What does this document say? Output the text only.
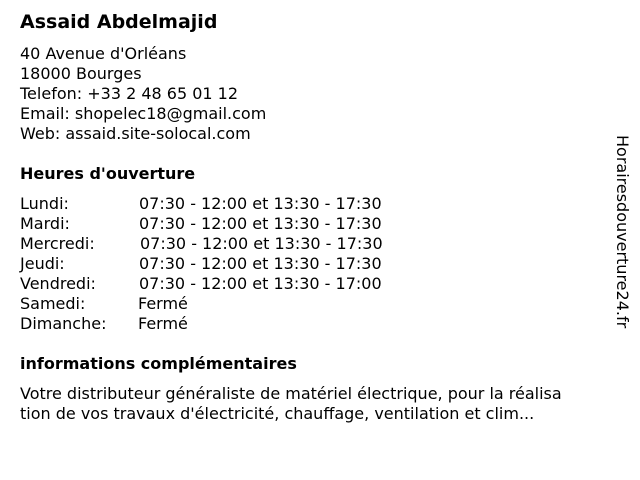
Assaid Abdelmajid
40 Avenue d'Orléans
18000 Bourges
Telefon: +33 2 48 65 01 12
Email: shopelec18@gmail.com
Web: assaid.site-solocal.com
Heures d'ouverture
Lundi:	07:30 - 12:00 et 13:30 - 17:30
Mardi:	07:30 - 12:00 et 13:30 - 17:30
Mercredi:	07:30 - 12:00 et 13:30 - 17:30
Jeudi:	07:30 - 12:00 et 13:30 - 17:30
Vendredi:	07:30 - 12:00 et 13:30 - 17:00
Samedi:	Fermé
Dimanche: Fermé
informations complémentaires
Votre distributeur généraliste de matériel électrique, pour la réalisa
tion de vos travaux d'électricité, chauffage, ventilation et clim...
Horairesdouverture24.fr
